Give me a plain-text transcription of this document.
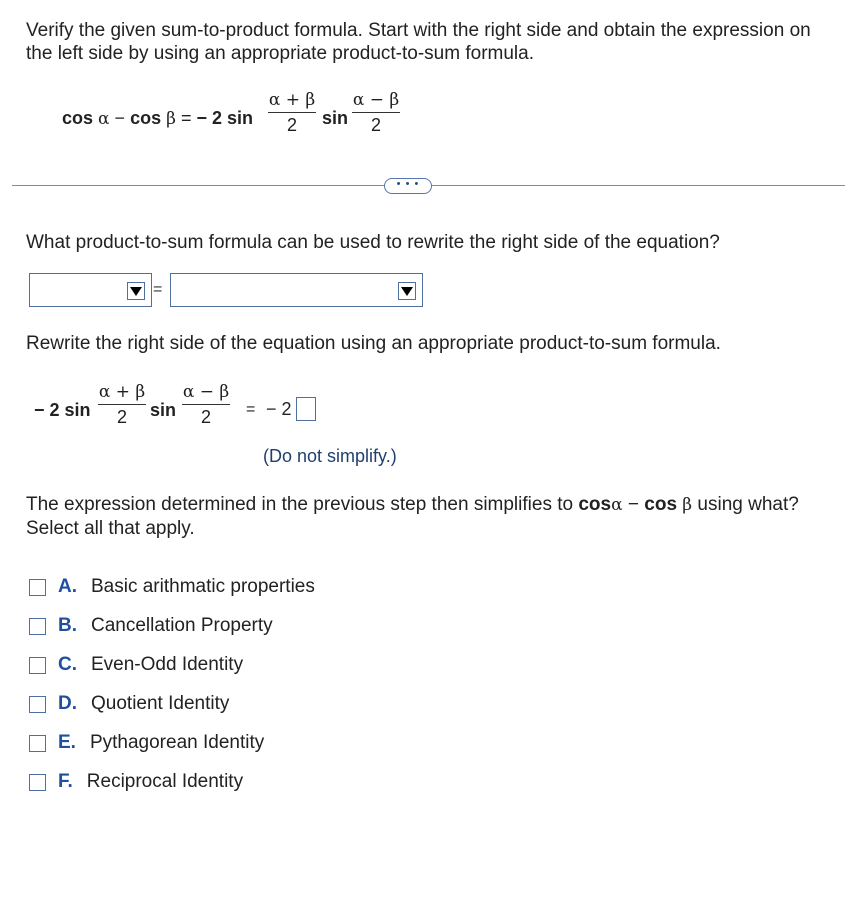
Verify the given sum-to-product formula. Start with the right side and obtain the expression on the left side by using an appropriate product-to-sum formula.
cos α − cos β = − 2 sin
α + β
2	sin
α − β
2
• • •
What product-to-sum formula can be used to rewrite the right side of the equation?
=
Rewrite the right side of the equation using an appropriate product-to-sum formula.
− 2 sin
α + β
2	sin
α − β
2	= − 2
(Do not simplify.)
The expression determined in the previous step then simplifies to cosα − cos β using what?
Select all that apply.
A. Basic arithmatic properties
B. Cancellation Property
C. Even-Odd Identity
D. Quotient Identity
E. Pythagorean Identity
F. Reciprocal Identity
